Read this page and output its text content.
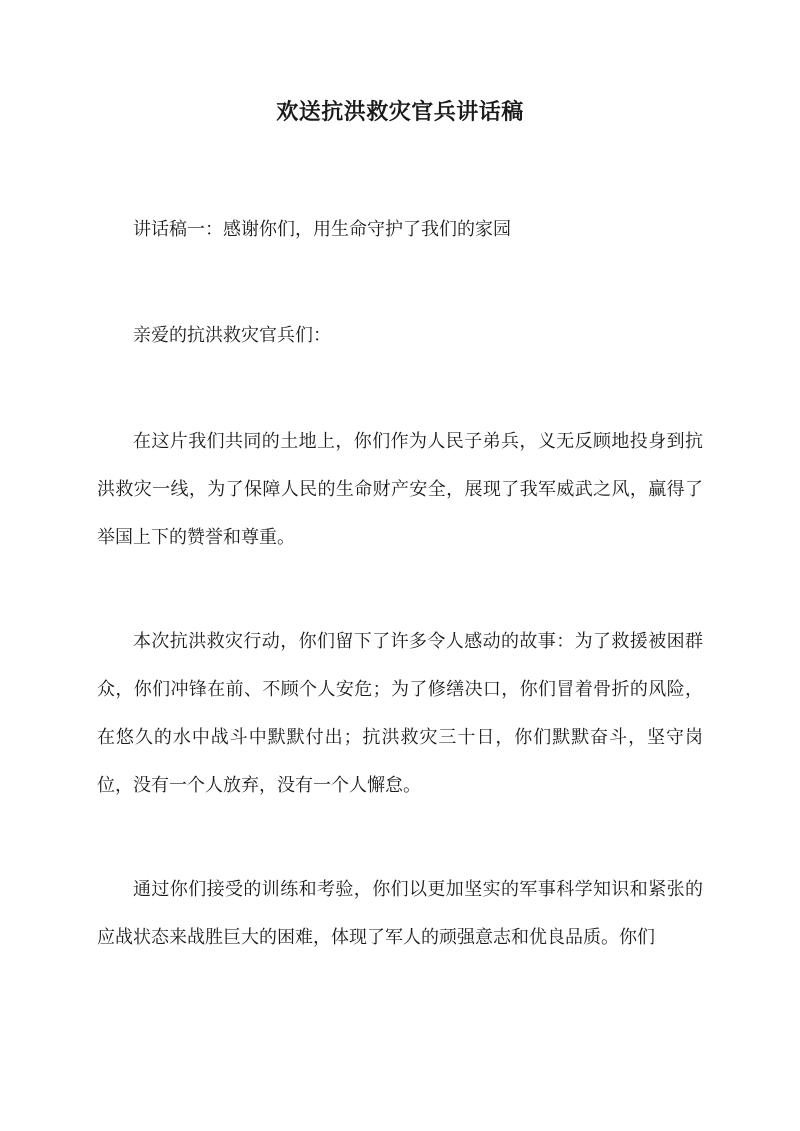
欢送抗洪救灾官兵讲话稿

讲话稿一：感谢你们，用生命守护了我们的家园

亲爱的抗洪救灾官兵们：

在这片我们共同的土地上，你们作为人民子弟兵，义无反顾地投身到抗洪救灾一线，为了保障人民的生命财产安全，展现了我军威武之风，赢得了举国上下的赞誉和尊重。

本次抗洪救灾行动，你们留下了许多令人感动的故事：为了救援被困群众，你们冲锋在前、不顾个人安危；为了修缮决口，你们冒着骨折的风险，在悠久的水中战斗中默默付出；抗洪救灾三十日，你们默默奋斗，坚守岗位，没有一个人放弃，没有一个人懈怠。

通过你们接受的训练和考验，你们以更加坚实的军事科学知识和紧张的应战状态来战胜巨大的困难，体现了军人的顽强意志和优良品质。你们
